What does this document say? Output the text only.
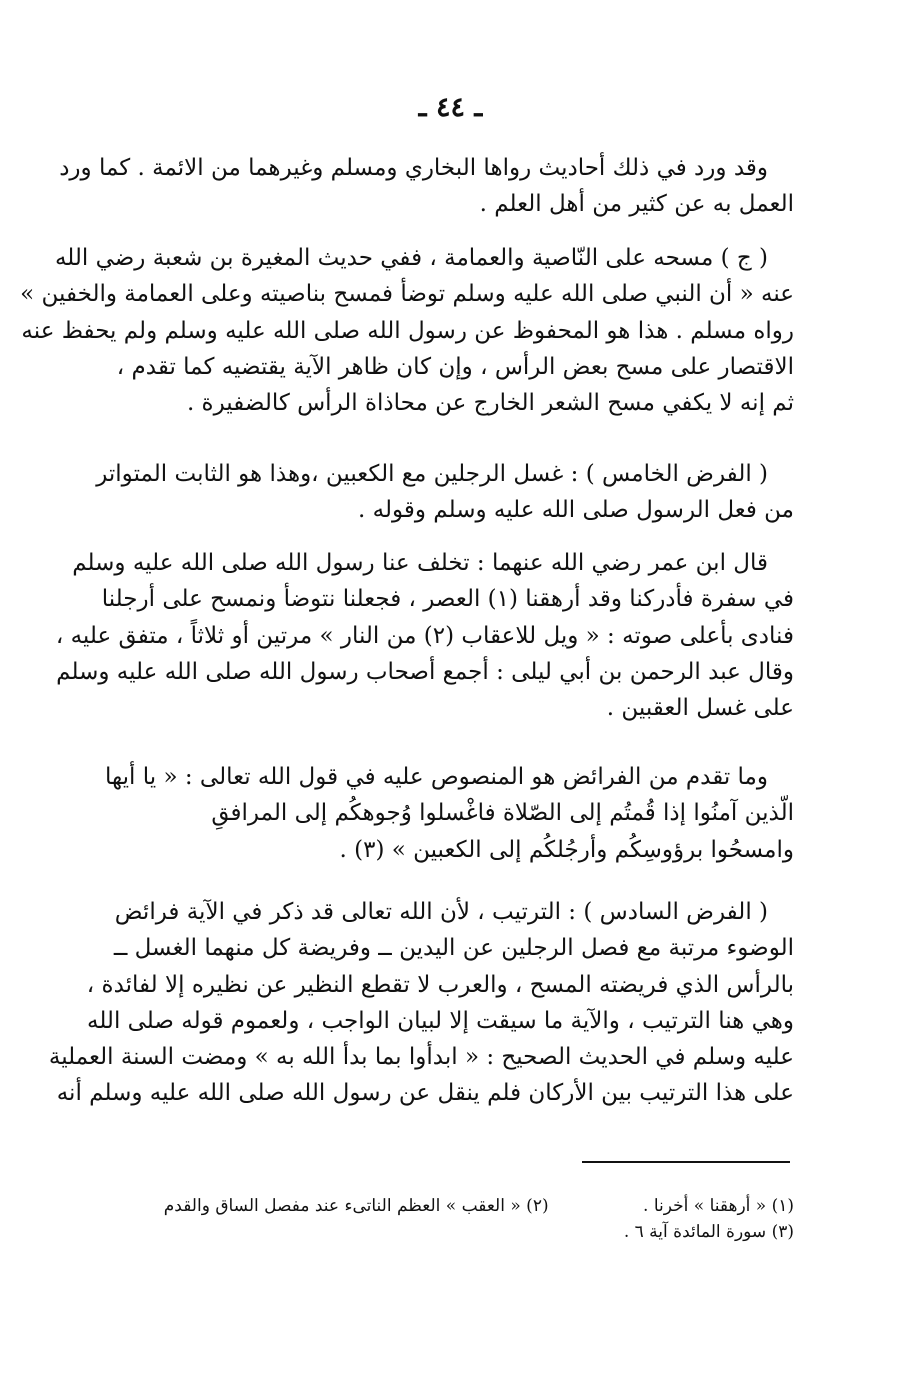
ـ ٤٤ ـ
وقد ورد في ذلك أحاديث رواها البخاري ومسلم وغيرهما من الائمة . كما ورد
العمل به عن كثير من أهل العلم .
( ج ) مسحه على النّاصية والعمامة ، ففي حديث المغيرة بن شعبة رضي الله
عنه « أن النبي صلى الله عليه وسلم توضأ فمسح بناصيته وعلى العمامة والخفين »
رواه مسلم . هذا هو المحفوظ عن رسول الله صلى الله عليه وسلم ولم يحفظ عنه
الاقتصار على مسح بعض الرأس ، وإن كان ظاهر الآية يقتضيه كما تقدم ،
ثم إنه لا يكفي مسح الشعر الخارج عن محاذاة الرأس كالضفيرة .
( الفرض الخامس ) : غسل الرجلين مع الكعبين ،وهذا هو الثابت المتواتر
من فعل الرسول صلى الله عليه وسلم وقوله .
قال ابن عمر رضي الله عنهما : تخلف عنا رسول الله صلى الله عليه وسلم
في سفرة فأدركنا وقد أرهقنا (١) العصر ، فجعلنا نتوضأ ونمسح على أرجلنا
فنادى بأعلى صوته : « ويل للاعقاب (٢) من النار » مرتين أو ثلاثاً ، متفق عليه ،
وقال عبد الرحمن بن أبي ليلى : أجمع أصحاب رسول الله صلى الله عليه وسلم
على غسل العقبين .
وما تقدم من الفرائض هو المنصوص عليه في قول الله تعالى : « يا أيها
الّذين آمنُوا إذا قُمتُم إلى الصّلاة فاغْسلوا وُجوهكُم إلى المرافقِ
وامسحُوا برؤوسِكُم وأرجُلكُم إلى الكعبين » (٣) .
( الفرض السادس ) : الترتيب ، لأن الله تعالى قد ذكر في الآية فرائض
الوضوء مرتبة مع فصل الرجلين عن اليدين ــ وفريضة كل منهما الغسل ــ
بالرأس الذي فريضته المسح ، والعرب لا تقطع النظير عن نظيره إلا لفائدة ،
وهي هنا الترتيب ، والآية ما سيقت إلا لبيان الواجب ، ولعموم قوله صلى الله
عليه وسلم في الحديث الصحيح : « ابدأوا بما بدأ الله به » ومضت السنة العملية
على هذا الترتيب بين الأركان فلم ينقل عن رسول الله صلى الله عليه وسلم أنه
(١) « أرهقنا » أخرنا . (٢) « العقب » العظم الناتىء عند مفصل الساق والقدم
(٣) سورة المائدة آية ٦ .
